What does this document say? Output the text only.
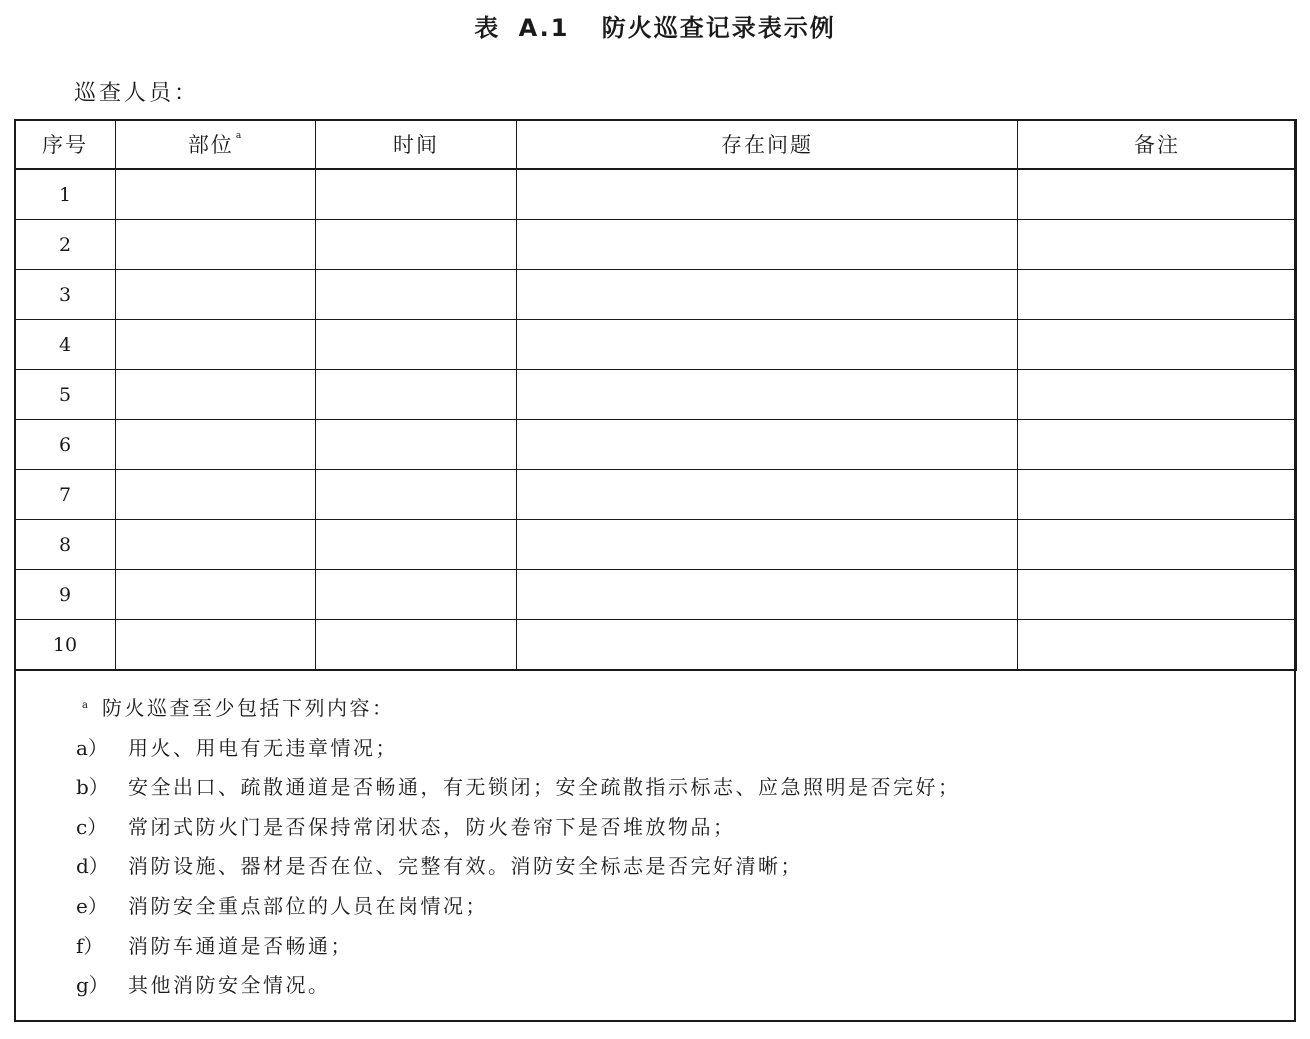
表 A.1 防火巡查记录表示例
巡查人员：
序号	部位 $^a$	时间	存在问题	备注
1				
2				
3				
4				
5				
6				
7				
8				
9				
10				
a 防火巡查至少包括下列内容：
a） 用火、用电有无违章情况；
b） 安全出口、疏散通道是否畅通，有无锁闭；安全疏散指示标志、应急照明是否完好；
c） 常闭式防火门是否保持常闭状态，防火卷帘下是否堆放物品；
d） 消防设施、器材是否在位、完整有效。消防安全标志是否完好清晰；
e） 消防安全重点部位的人员在岗情况；
f） 消防车通道是否畅通；
g） 其他消防安全情况。
